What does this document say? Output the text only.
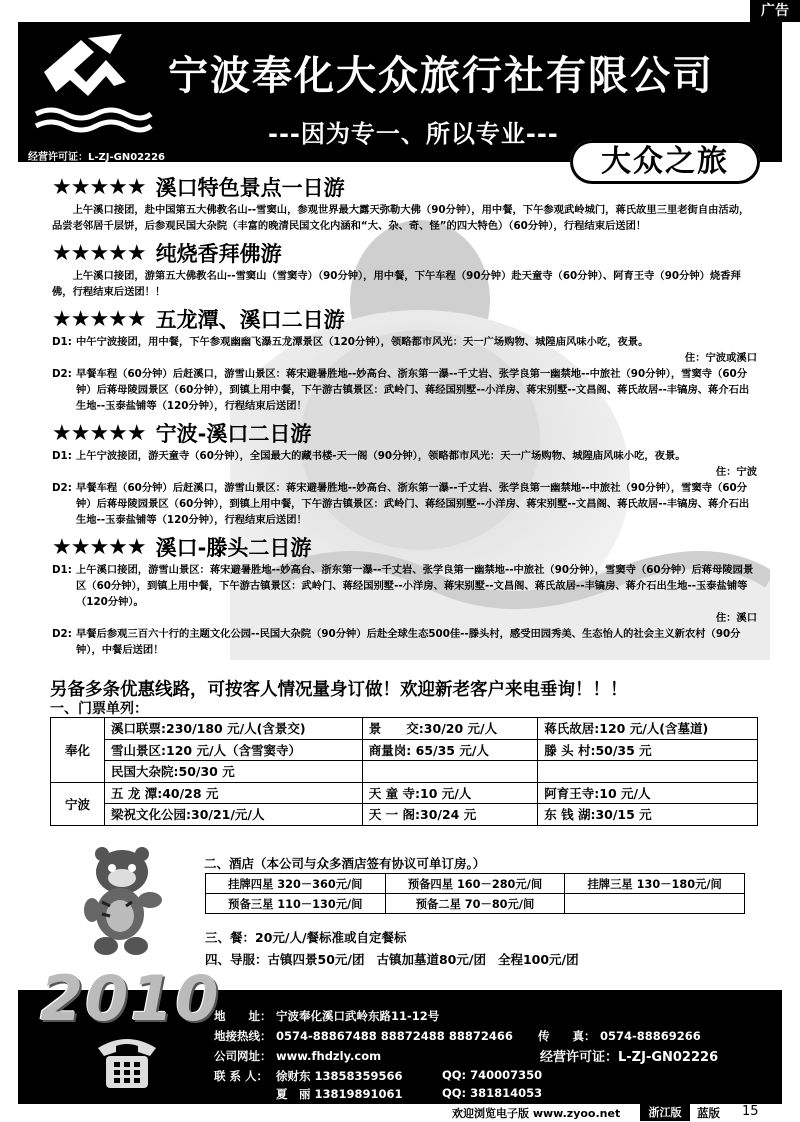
广告
宁波奉化大众旅行社有限公司
---因为专一、所以专业---
经营许可证：L-ZJ-GN02226	大众之旅
★★★★★ 溪口特色景点一日游
上午溪口接团，赴中国第五大佛教名山--雪窦山，参观世界最大露天弥勒大佛（90分钟），用中餐，下午参观武岭城门，蒋氏故里三里老街自由活动，品尝老邻居千层饼，后参观民国大杂院（丰富的晚清民国文化内涵和“大、杂、奇、怪”的四大特色）（60分钟），行程结束后送团！
★★★★★ 纯烧香拜佛游
上午溪口接团，游第五大佛教名山--雪窦山（雪窦寺）（90分钟），用中餐，下午车程（90分钟）赴天童寺（60分钟）、阿育王寺（90分钟）烧香拜佛，行程结束后送团！！
★★★★★ 五龙潭、溪口二日游
D1: 中午宁波接团，用中餐，下午参观幽幽飞瀑五龙潭景区（120分钟），领略都市风光：天一广场购物、城隍庙风味小吃，夜景。
住：宁波或溪口
D2: 早餐车程（60分钟）后赶溪口，游雪山景区：蒋宋避暑胜地--妙高台、浙东第一瀑--千丈岩、张学良第一幽禁地--中旅社（90分钟），雪窦寺（60分钟）后蒋母陵园景区（60分钟），到镇上用中餐，下午游古镇景区：武岭门、蒋经国别墅--小洋房、蒋宋别墅--文昌阁、蒋氏故居--丰镐房、蒋介石出生地--玉泰盐铺等（120分钟），行程结束后送团！
★★★★★ 宁波-溪口二日游
D1: 上午宁波接团，游天童寺（60分钟），全国最大的藏书楼-天一阁（90分钟），领略都市风光：天一广场购物、城隍庙风味小吃，夜景。
住：宁波
D2: 早餐车程（60分钟）后赶溪口，游雪山景区：蒋宋避暑胜地--妙高台、浙东第一瀑--千丈岩、张学良第一幽禁地--中旅社（90分钟），雪窦寺（60分钟）后蒋母陵园景区（60分钟），到镇上用中餐，下午游古镇景区：武岭门、蒋经国别墅--小洋房、蒋宋别墅--文昌阁、蒋氏故居--丰镐房、蒋介石出生地--玉泰盐铺等（120分钟），行程结束后送团！
★★★★★ 溪口-滕头二日游
D1: 上午溪口接团，游雪山景区：蒋宋避暑胜地--妙高台、浙东第一瀑--千丈岩、张学良第一幽禁地--中旅社（90分钟），雪窦寺（60分钟）后蒋母陵园景区（60分钟），到镇上用中餐，下午游古镇景区：武岭门、蒋经国别墅--小洋房、蒋宋别墅--文昌阁、蒋氏故居--丰镐房、蒋介石出生地--玉泰盐铺等（120分钟）。
住：溪口
D2: 早餐后参观三百六十行的主题文化公园--民国大杂院（90分钟）后赴全球生态500佳--滕头村，感受田园秀美、生态怡人的社会主义新农村（90分钟），中餐后送团！
另备多条优惠线路，可按客人情况量身订做！欢迎新老客户来电垂询！！！
一、门票单列：
奉化	溪口联票:230/180 元/人(含景交)	景　　交:30/20 元/人	蒋氏故居:120 元/人(含墓道)
	雪山景区:120 元/人（含雪窦寺）	商量岗: 65/35 元/人	滕 头 村:50/35 元
	民国大杂院:50/30 元		
宁波	五 龙 潭:40/28 元	天 童 寺:10 元/人	阿育王寺:10 元/人
	梁祝文化公园:30/21/元/人	天 一 阁:30/24 元	东 钱 湖:30/15 元
二、酒店（本公司与众多酒店签有协议可单订房。）
挂牌四星 320－360元/间	预备四星 160－280元/间	挂牌三星 130－180元/间
预备三星 110－130元/间	预备二星 70－80元/间	
三、餐：20元/人/餐标准或自定餐标
四、导服：古镇四景50元/团 古镇加墓道80元/团 全程100元/团
地　　址： 宁波奉化溪口武岭东路11-12号
地接热线： 0574-88867488 88872488 88872466 传　　真： 0574-88869266
公司网址： www.fhdzly.com	经营许可证：L-ZJ-GN02226
联 系 人： 徐财东 13858359566	QQ: 740007350
夏　丽 13819891061	QQ: 381814053
2010
欢迎浏览电子版 www.zyoo.net	浙江版	蓝版 15
